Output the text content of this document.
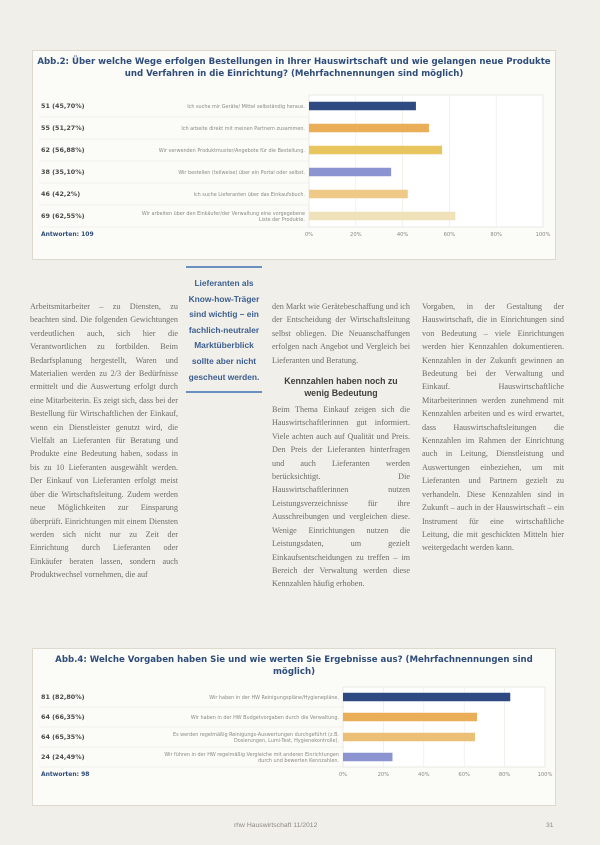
Abb.2: Über welche Wege erfolgen Bestellungen in Ihrer Hauswirtschaft und wie gelangen neue Produkte und Verfahren in die Einrichtung? (Mehrfachnennungen sind möglich)
0%	20%	40%	60%	80%	100%
51 (45,70%)	Ich suche mir Geräte/ Mittel selbständig heraus.
55 (51,27%)	Ich arbeite direkt mit meinen Partnern zusammen.
62 (56,88%)	Wir verwenden Produktmuster/Angebote für die Bestellung.
38 (35,10%)	Wir bestellen (teilweise) über ein Portal oder selbst.
46 (42,2%)	Ich suche Lieferanten über das Einkaufsbuch.
69 (62,55%)	Wir arbeiten über den Einkäufer/der Verwaltung eine vorgegebene Liste der Produkte.
Antworten: 109
Lieferanten als Know-how-Träger sind wichtig – ein fachlich-neutraler Marktüberblick sollte aber nicht gescheut werden.

Arbeitsmitarbeiter – zu Diensten, zu beachten sind. Die folgenden Gewichtungen verdeutlichen auch, sich hier die Verantwortlichen zu fortbilden. Beim Bedarfsplanung hergestellt, Waren und Materialien werden zu 2/3 der Bedürfnisse ermittelt und die Auswertung erfolgt durch eine Mitarbeiterin. Es zeigt sich, dass bei der Bestellung für Wirtschaftlichen der Einkauf, wenn ein Dienstleister genutzt wird, die Vielfalt an Lieferanten für Beratung und Produkte eine Bedeutung haben, sodass in bis zu 10 Lieferanten ausgewählt werden. Der Einkauf von Lieferanten erfolgt meist über die Wirtschaftsleitung. Zudem werden neue Möglichkeiten zur Einsparung überprüft. Einrichtungen mit einem Diensten werden sich nicht nur zu Zeit der Einrichtung durch Lieferanten oder Einkäufer beraten lassen, sondern auch Produktwechsel vornehmen, die auf

den Markt wie Gerätebeschaffung und ich der Entscheidung der Wirtschaftsleitung selbst obliegen. Die Neuanschaffungen erfolgen nach Angebot und Vergleich bei Lieferanten und Beratung.

Kennzahlen haben noch zu wenig Bedeutung

Beim Thema Einkauf zeigen sich die Hauswirtschaftlerinnen gut informiert. Viele achten auch auf Qualität und Preis. Den Preis der Lieferanten hinterfragen und auch Lieferanten werden berücksichtigt. Die Hauswirtschaftlerinnen nutzen Leistungsverzeichnisse für ihre Ausschreibungen und vergleichen diese. Wenige Einrichtungen nutzen die Leistungsdaten, um gezielt Einkaufsentscheidungen zu treffen – im Bereich der Verwaltung werden diese Kennzahlen häufig erhoben.

Vorgaben, in der Gestaltung der Hauswirtschaft, die in Einrichtungen sind von Bedeutung – viele Einrichtungen werden hier Kennzahlen dokumentieren. Kennzahlen in der Zukunft gewinnen an Bedeutung bei der Verwaltung und Einkauf. Hauswirtschaftliche Mitarbeiterinnen werden zunehmend mit Kennzahlen arbeiten und es wird erwartet, dass Hauswirtschaftsleitungen die Kennzahlen im Rahmen der Einrichtung auch in Leitung, Dienstleistung und Auswertungen einbeziehen, um mit Lieferanten und Partnern gezielt zu verhandeln. Diese Kennzahlen sind in Zukunft – auch in der Hauswirtschaft – ein Instrument für eine wirtschaftliche Leitung, die mit geschickten Mitteln hier weitergedacht werden kann.

Abb.4: Welche Vorgaben haben Sie und wie werten Sie Ergebnisse aus? (Mehrfachnennungen sind möglich)
0%	20%	40%	60%	80%	100%
81 (82,80%)	Wir haben in der HW Reinigungspläne/Hygienepläne.
64 (66,35%)	Wir haben in der HW Budgetvorgaben durch die Verwaltung.
64 (65,35%)	Es werden regelmäßig Reinigungs-Auswertungen durchgeführt (z.B. Dosierungen, Lumi-Test, Hygienekontrolle).
24 (24,49%)	Wir führen in der HW regelmäßig Vergleiche mit anderen Einrichtungen durch und bewerten Kennzahlen.
Antworten: 98
rhw Hauswirtschaft 11/2012	31
